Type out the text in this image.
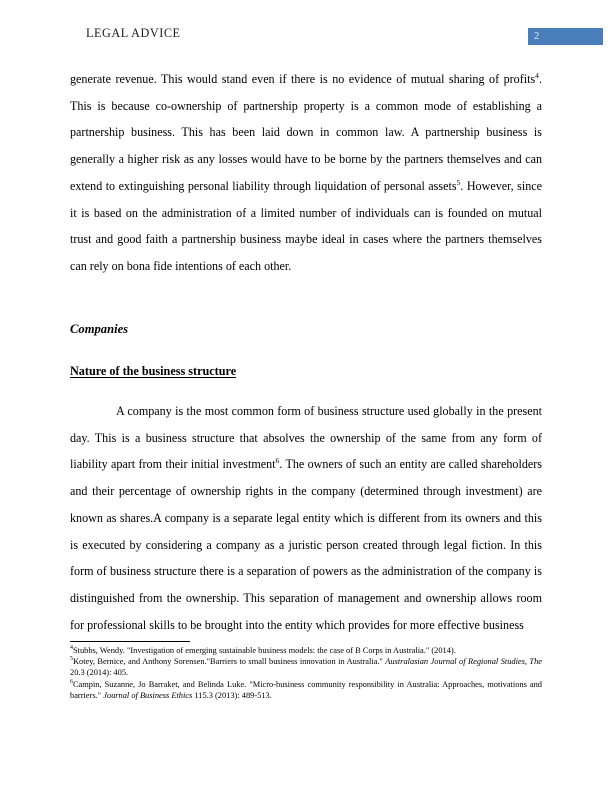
LEGAL ADVICE	2

generate revenue. This would stand even if there is no evidence of mutual sharing of profits$^4$. This is because co-ownership of partnership property is a common mode of establishing a partnership business. This has been laid down in common law. A partnership business is generally a higher risk as any losses would have to be borne by the partners themselves and can extend to extinguishing personal liability through liquidation of personal assets$^5$. However, since it is based on the administration of a limited number of individuals can is founded on mutual trust and good faith a partnership business maybe ideal in cases where the partners themselves can rely on bona fide intentions of each other.

Companies
Nature of the business structure

A company is the most common form of business structure used globally in the present day. This is a business structure that absolves the ownership of the same from any form of liability apart from their initial investment$^6$. The owners of such an entity are called shareholders and their percentage of ownership rights in the company (determined through investment) are known as shares.A company is a separate legal entity which is different from its owners and this is executed by considering a company as a juristic person created through legal fiction. In this form of business structure there is a separation of powers as the administration of the company is distinguished from the ownership. This separation of management and ownership allows room for professional skills to be brought into the entity which provides for more effective business

$^4$Stubbs, Wendy. "Investigation of emerging sustainable business models: the case of B Corps in Australia." (2014).

$^5$Kotey, Bernice, and Anthony Sorensen."Barriers to small business innovation in Australia." Australasian Journal of Regional Studies, The 20.3 (2014): 405.

$^6$Campin, Suzanne, Jo Barraket, and Belinda Luke. "Micro-business community responsibility in Australia: Approaches, motivations and barriers." Journal of Business Ethics 115.3 (2013): 489-513.
